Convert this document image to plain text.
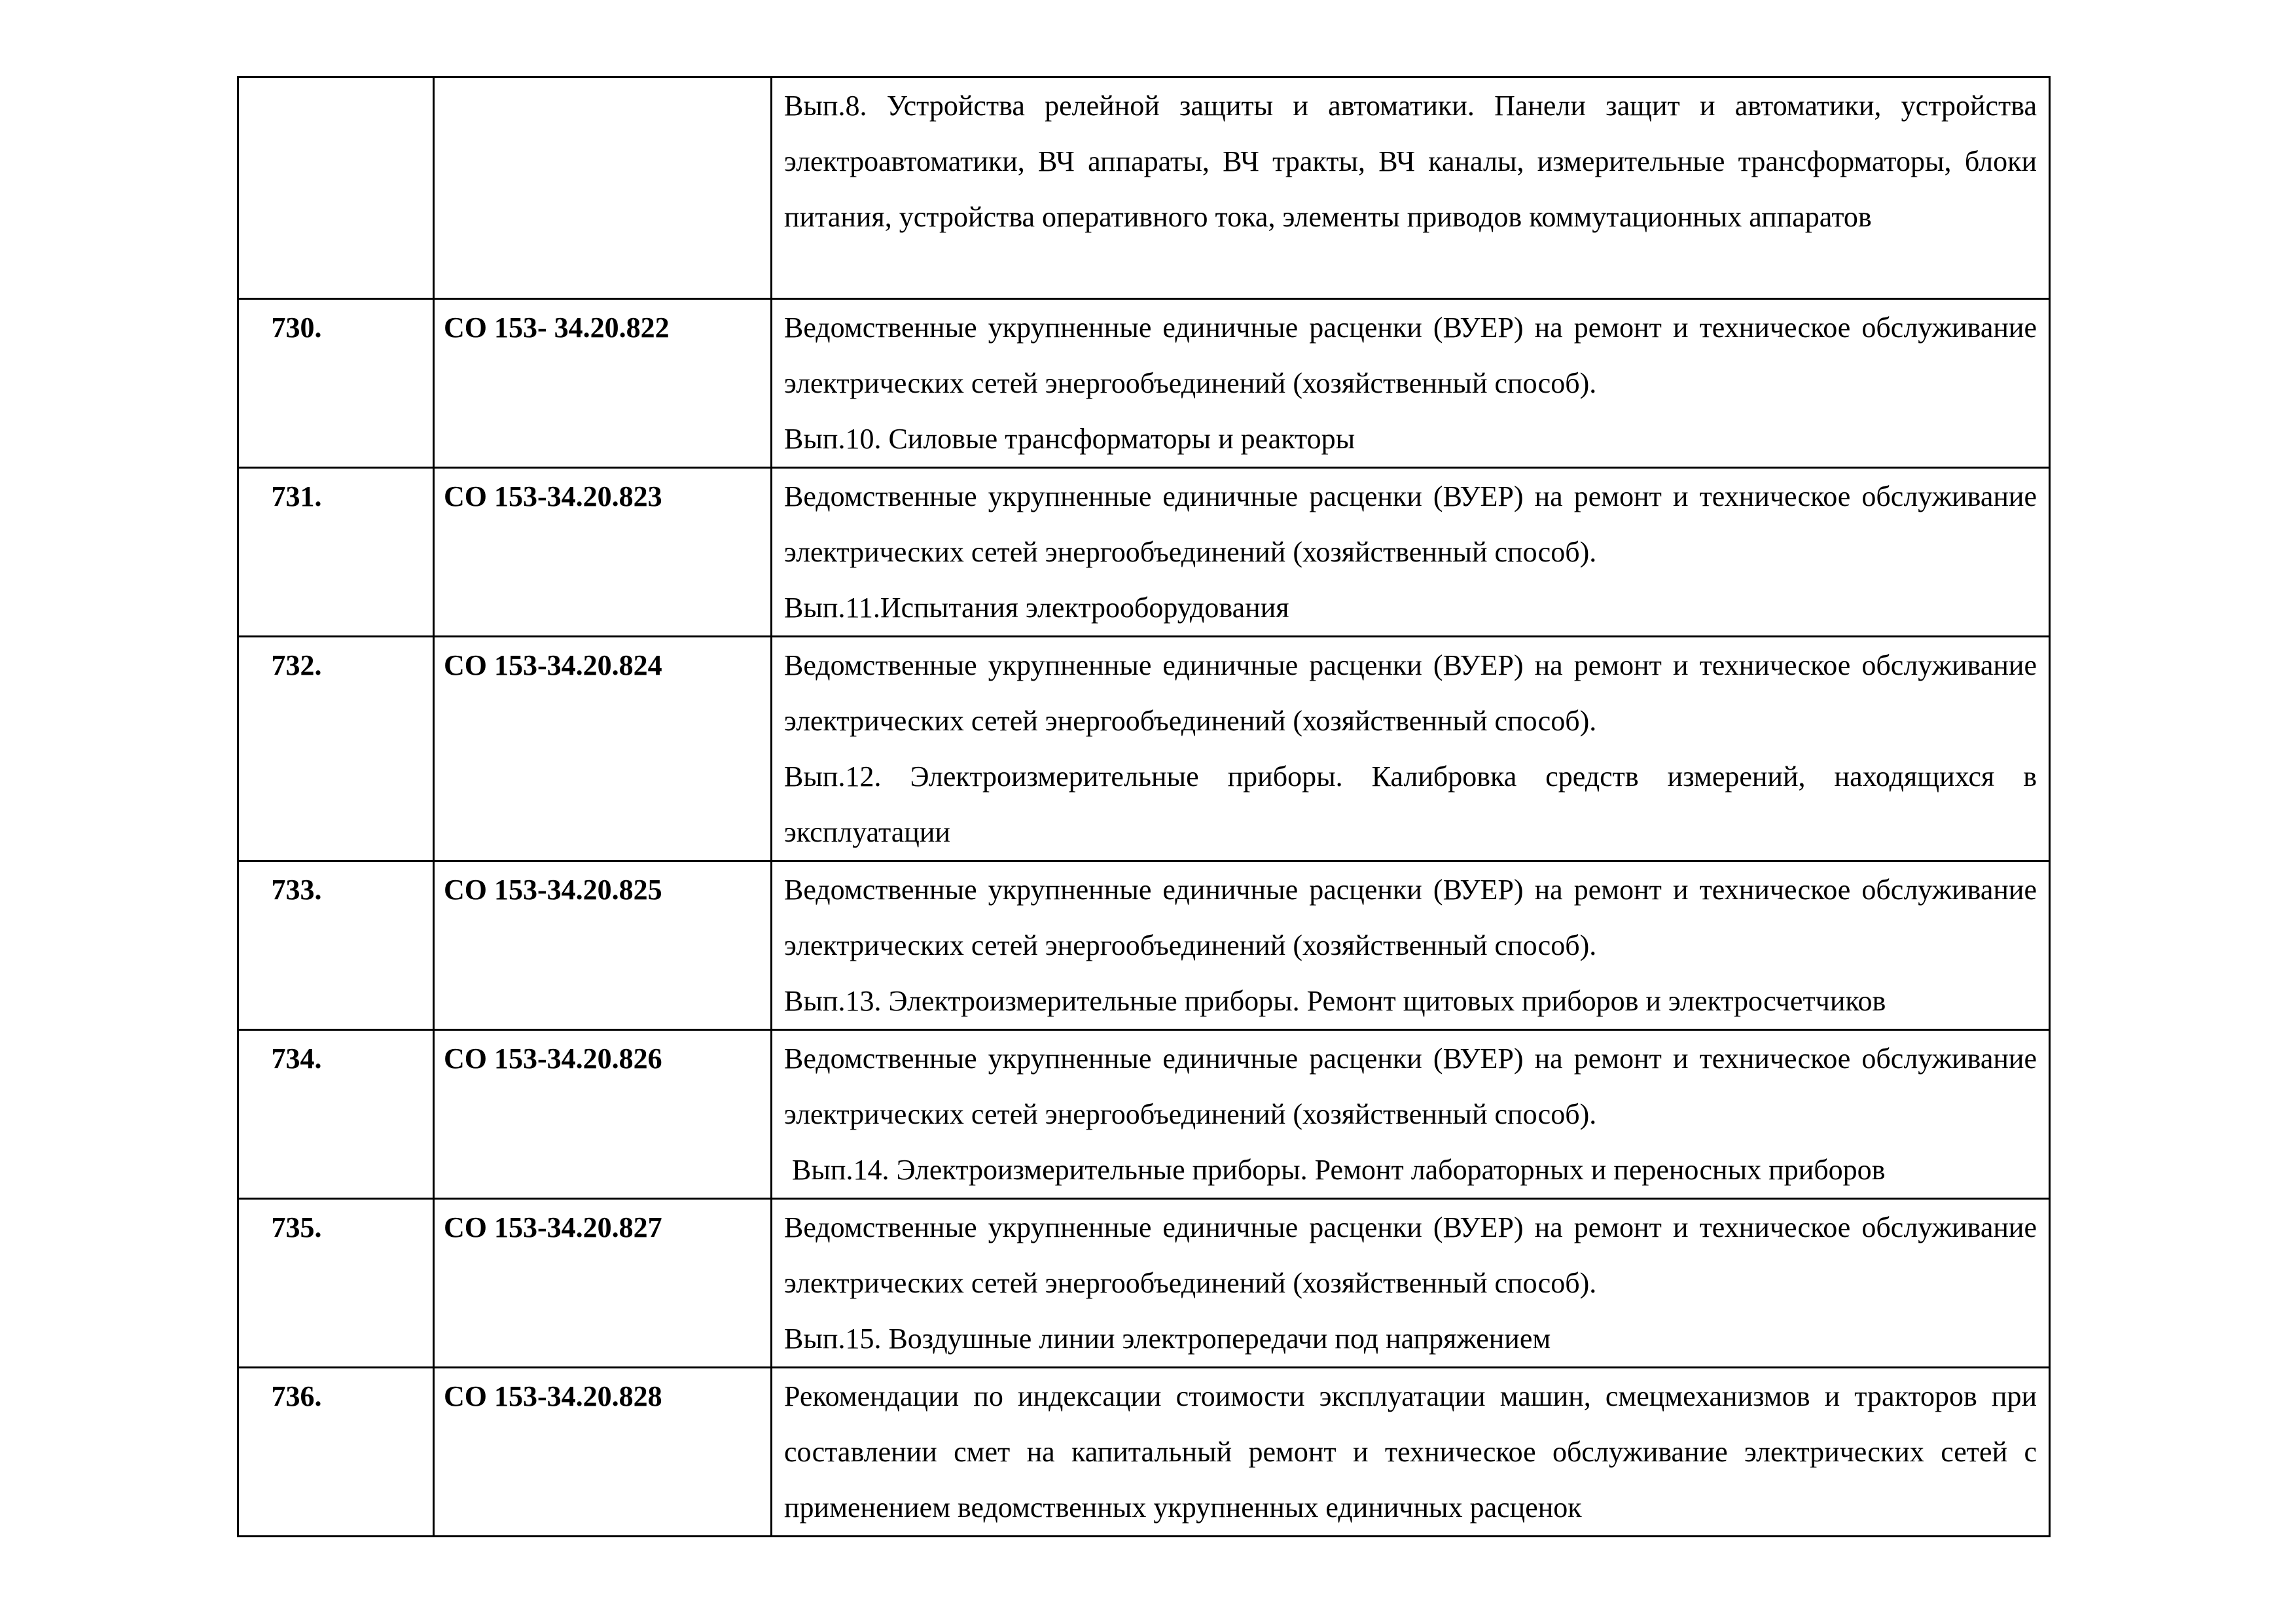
		Вып.8. Устройства релейной защиты и автоматики. Панели защит и автоматики, устройства электроавтоматики, ВЧ аппараты, ВЧ тракты, ВЧ каналы, измерительные трансформаторы, блоки питания, устройства оперативного тока, элементы приводов коммутационных аппаратов

730.	СО 153- 34.20.822	Ведомственные укрупненные единичные расценки (ВУЕР) на ремонт и техническое обслуживание электрических сетей энергообъединений (хозяйственный способ).
Вып.10. Силовые трансформаторы и реакторы

731.	СО 153-34.20.823	Ведомственные укрупненные единичные расценки (ВУЕР) на ремонт и техническое обслуживание электрических сетей энергообъединений (хозяйственный способ).
Вып.11.Испытания электрооборудования

732.	СО 153-34.20.824	Ведомственные укрупненные единичные расценки (ВУЕР) на ремонт и техническое обслуживание электрических сетей энергообъединений (хозяйственный способ).
Вып.12. Электроизмерительные приборы. Калибровка средств измерений, находящихся в эксплуатации

733.	СО 153-34.20.825	Ведомственные укрупненные единичные расценки (ВУЕР) на ремонт и техническое обслуживание электрических сетей энергообъединений (хозяйственный способ).
Вып.13. Электроизмерительные приборы. Ремонт щитовых приборов и электросчетчиков

734.	СО 153-34.20.826	Ведомственные укрупненные единичные расценки (ВУЕР) на ремонт и техническое обслуживание электрических сетей энергообъединений (хозяйственный способ).
Вып.14. Электроизмерительные приборы. Ремонт лабораторных и переносных приборов

735.	СО 153-34.20.827	Ведомственные укрупненные единичные расценки (ВУЕР) на ремонт и техническое обслуживание электрических сетей энергообъединений (хозяйственный способ).
Вып.15. Воздушные линии электропередачи под напряжением

736.	СО 153-34.20.828	Рекомендации по индексации стоимости эксплуатации машин, смецмеханизмов и тракторов при составлении смет на капитальный ремонт и техническое обслуживание электрических сетей с применением ведомственных укрупненных единичных расценок
